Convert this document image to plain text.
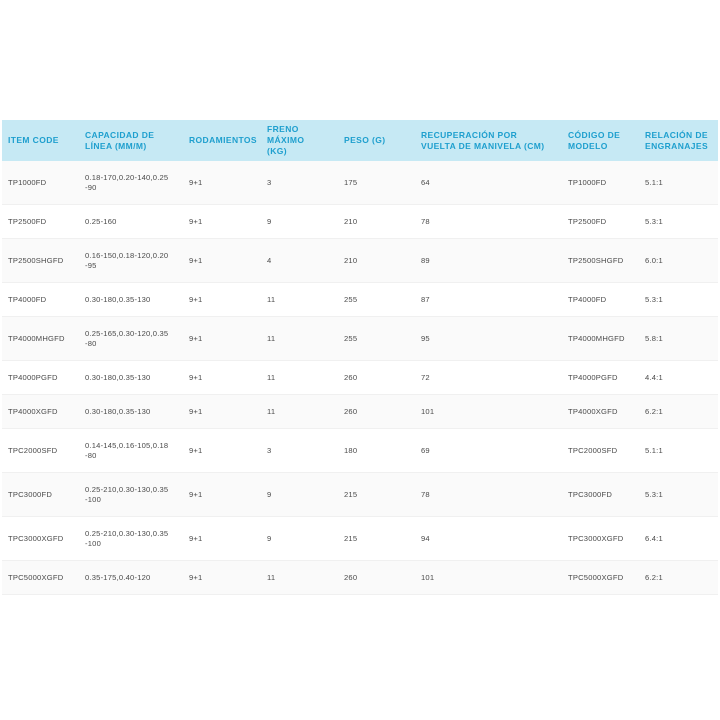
ITEM CODE	CAPACIDAD DE LÍNEA (MM/M)	RODAMIENTOS	FRENO MÁXIMO (KG)	PESO (G)	RECUPERACIÓN POR VUELTA DE MANIVELA (CM)	CÓDIGO DE MODELO	RELACIÓN DE ENGRANAJES
TP1000FD	0.18-170,0.20-140,0.25-90	9+1	3	175	64	TP1000FD	5.1:1
TP2500FD	0.25-160	9+1	9	210	78	TP2500FD	5.3:1
TP2500SHGFD	0.16-150,0.18-120,0.20-95	9+1	4	210	89	TP2500SHGFD	6.0:1
TP4000FD	0.30-180,0.35-130	9+1	11	255	87	TP4000FD	5.3:1
TP4000MHGFD	0.25-165,0.30-120,0.35-80	9+1	11	255	95	TP4000MHGFD	5.8:1
TP4000PGFD	0.30-180,0.35-130	9+1	11	260	72	TP4000PGFD	4.4:1
TP4000XGFD	0.30-180,0.35-130	9+1	11	260	101	TP4000XGFD	6.2:1
TPC2000SFD	0.14-145,0.16-105,0.18-80	9+1	3	180	69	TPC2000SFD	5.1:1
TPC3000FD	0.25-210,0.30-130,0.35-100	9+1	9	215	78	TPC3000FD	5.3:1
TPC3000XGFD	0.25-210,0.30-130,0.35-100	9+1	9	215	94	TPC3000XGFD	6.4:1
TPC5000XGFD	0.35-175,0.40-120	9+1	11	260	101	TPC5000XGFD	6.2:1
